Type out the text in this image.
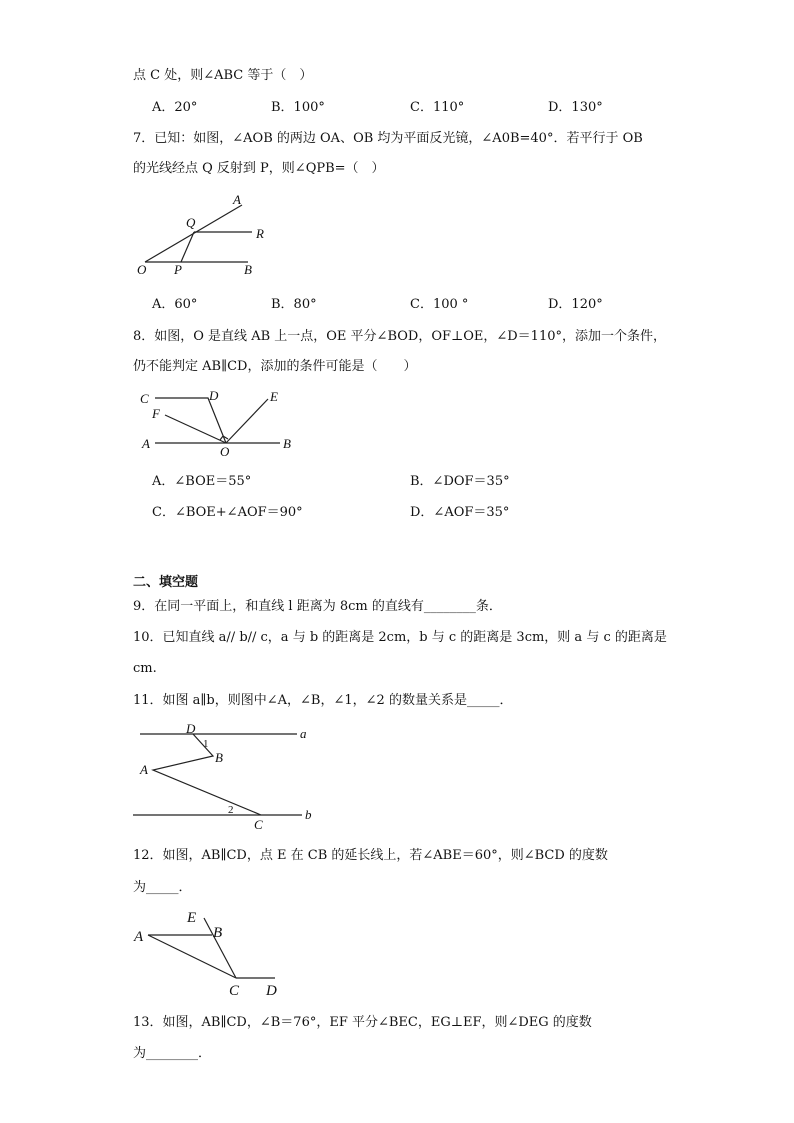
点 C 处，则∠ABC 等于（　）
A．20°	B．100°	C．110°	D．130°
7．已知：如图，∠AOB 的两边 OA、OB 均为平面反光镜，∠A0B=40°．若平行于 OB
的光线经点 Q 反射到 P，则∠QPB=（　）
A
Q
R
O P	B
A．60°	B．80°	C．100 °	D．120°
8．如图，O 是直线 AB 上一点，OE 平分∠BOD，OF⊥OE，∠D＝110°，添加一个条件，
仍不能判定 AB∥CD，添加的条件可能是（　　）
C	D	E
F
A
O
B
A．∠BOE＝55°	B．∠DOF＝35°
C．∠BOE+∠AOF＝90°	D．∠AOF＝35°
二、填空题
9．在同一平面上，和直线 l 距离为 8cm 的直线有________条．
10．已知直线 a// b// c，a 与 b 的距离是 2cm，b 与 c 的距离是 3cm，则 a 与 c 的距离是
cm.
11．如图 a∥b，则图中∠A，∠B，∠1，∠2 的数量关系是_____．
D
1
a
B
A
2	b
C
12．如图，AB∥CD，点 E 在 CB 的延长线上，若∠ABE＝60°，则∠BCD 的度数
为_____．
E
B
A
C D
13．如图，AB∥CD，∠B＝76°，EF 平分∠BEC，EG⊥EF，则∠DEG 的度数
为________．
